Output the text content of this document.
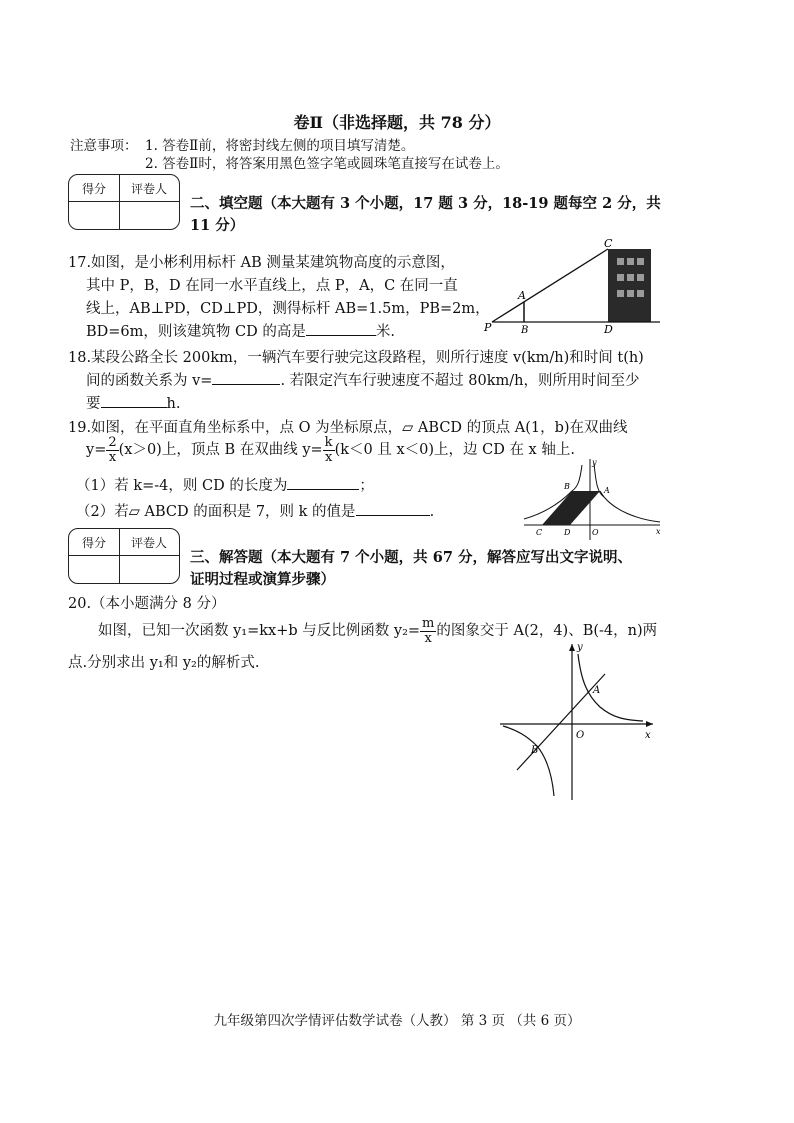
卷Ⅱ（非选择题，共 78 分）
注意事项： 1. 答卷Ⅱ前，将密封线左侧的项目填写清楚。
2. 答卷Ⅱ时，将答案用黑色签字笔或圆珠笔直接写在试卷上。
得分	评卷人
二、填空题（本大题有 3 个小题，17 题 3 分，18-19 题每空 2 分，共
11 分）
17.如图，是小彬利用标杆 AB 测量某建筑物高度的示意图，
其中 P，B，D 在同一水平直线上，点 P，A，C 在同一直
线上，AB⊥PD，CD⊥PD，测得标杆 AB=1.5m，PB=2m，
BD=6m，则该建筑物 CD 的高是	米.
C
A
P	B	D
18.某段公路全长 200km，一辆汽车要行驶完这段路程，则所行速度 v(km/h)和时间 t(h)
间的函数关系为 v=	. 若限定汽车行驶速度不超过 80km/h，则所用时间至少
要	h.
19.如图，在平面直角坐标系中，点 O 为坐标原点，▱ ABCD 的顶点 A(1，b)在双曲线
$y= \frac{2}{x} (x>0)$上，顶点 B 在双曲线 $y= \frac{k}{x} (k<0$ 且 x＜0)上，边 CD 在 x 轴上.
（1）若 k=-4，则 CD 的长度为	；
（2）若▱ ABCD 的面积是 7，则 k 的值是	.
y
B	A
C	D	O	x
得分	评卷人
三、解答题（本大题有 7 个小题，共 67 分，解答应写出文字说明、
证明过程或演算步骤）
20.（本小题满分 8 分）
如图，已知一次函数 y₁=kx+b 与反比例函数 $y_2= \frac{m}{x}$ 的图象交于 A(2，4)、B(-4，n)两
点.分别求出 y₁和 y₂的解析式.
y
A
O	x
B
九年级第四次学情评估数学试卷（人教） 第 3 页 （共 6 页）
